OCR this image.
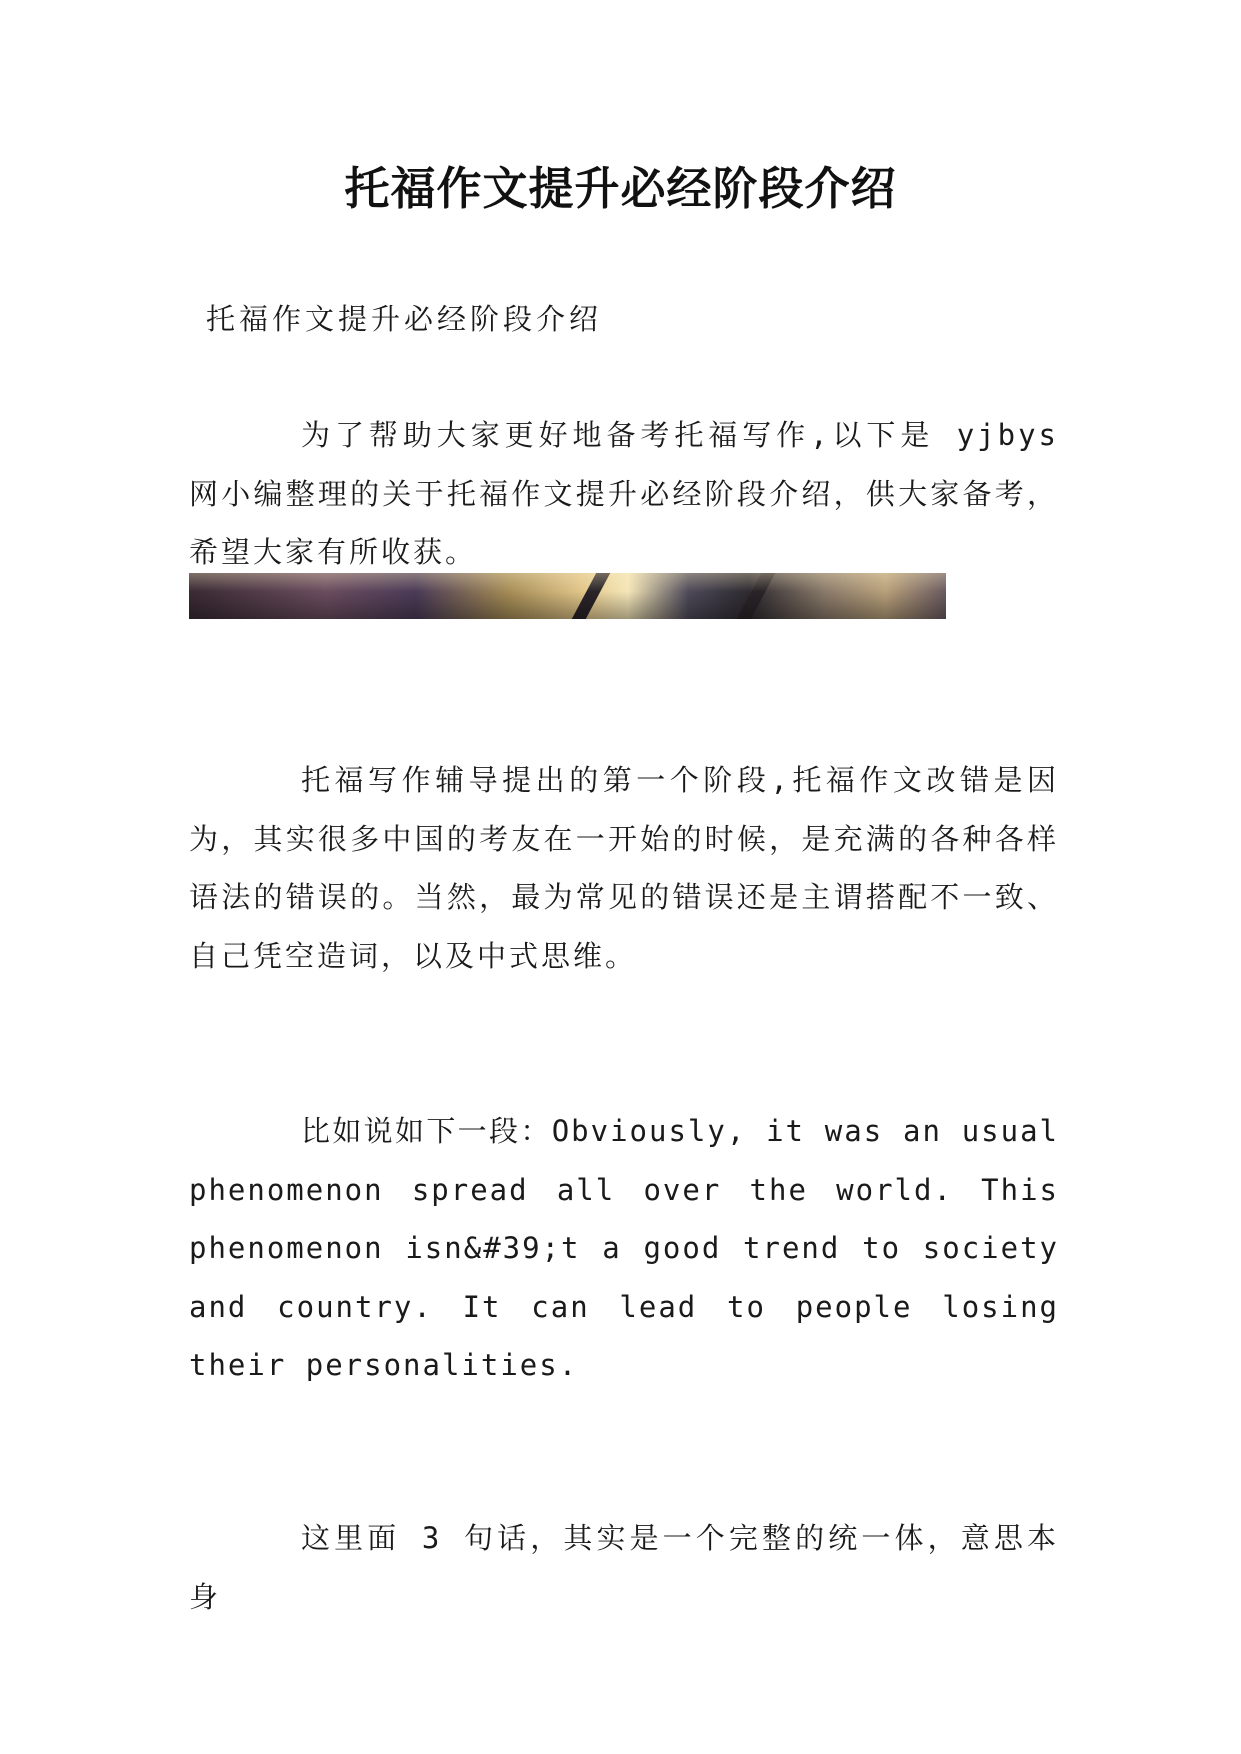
托福作文提升必经阶段介绍

托福作文提升必经阶段介绍

为了帮助大家更好地备考托福写作,以下是 yjbys 网小编整理的关于托福作文提升必经阶段介绍，供大家备考，希望大家有所收获。

托福写作辅导提出的第一个阶段,托福作文改错是因为，其实很多中国的考友在一开始的时候，是充满的各种各样语法的错误的。当然，最为常见的错误还是主谓搭配不一致、自己凭空造词，以及中式思维。

比如说如下一段：Obviously, it was an usual phenomenon spread all over the world. This phenomenon isn&#39;t a good trend to society and country. It can lead to people losing their personalities.

这里面 3 句话，其实是一个完整的统一体，意思本身
